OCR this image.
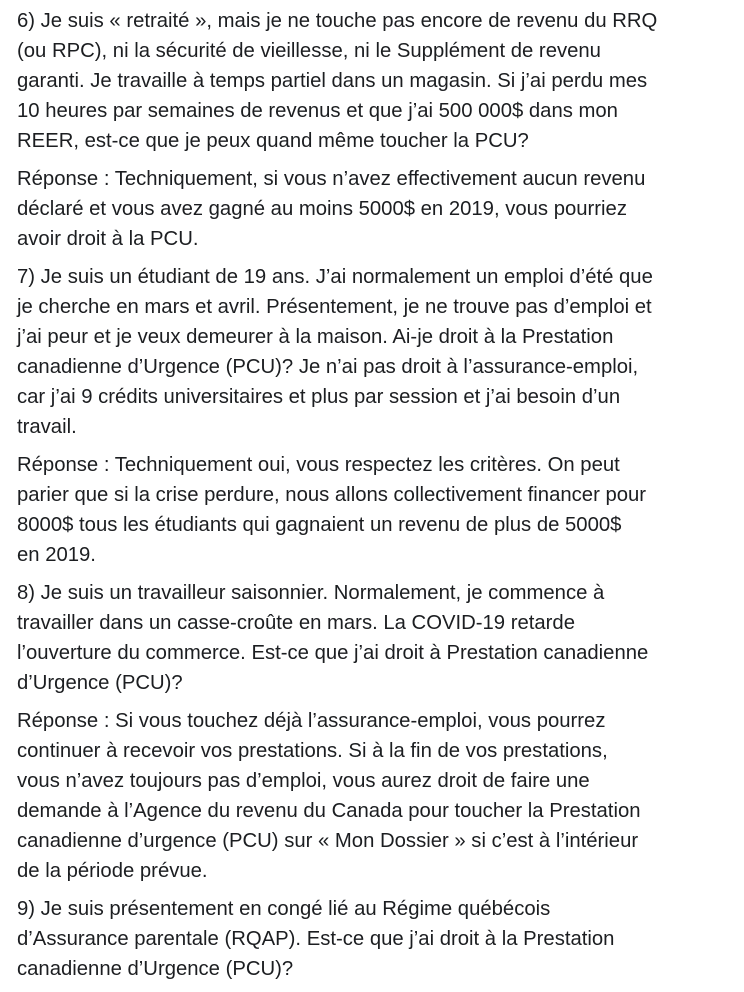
6) Je suis « retraité », mais je ne touche pas encore de revenu du RRQ
(ou RPC), ni la sécurité de vieillesse, ni le Supplément de revenu
garanti. Je travaille à temps partiel dans un magasin. Si j’ai perdu mes
10 heures par semaines de revenus et que j’ai 500 000$ dans mon
REER, est-ce que je peux quand même toucher la PCU?

Réponse : Techniquement, si vous n’avez effectivement aucun revenu
déclaré et vous avez gagné au moins 5000$ en 2019, vous pourriez
avoir droit à la PCU.

7) Je suis un étudiant de 19 ans. J’ai normalement un emploi d’été que
je cherche en mars et avril. Présentement, je ne trouve pas d’emploi et
j’ai peur et je veux demeurer à la maison. Ai-je droit à la Prestation
canadienne d’Urgence (PCU)? Je n’ai pas droit à l’assurance-emploi,
car j’ai 9 crédits universitaires et plus par session et j’ai besoin d’un
travail.

Réponse : Techniquement oui, vous respectez les critères. On peut
parier que si la crise perdure, nous allons collectivement financer pour
8000$ tous les étudiants qui gagnaient un revenu de plus de 5000$
en 2019.

8) Je suis un travailleur saisonnier. Normalement, je commence à
travailler dans un casse-croûte en mars. La COVID-19 retarde
l’ouverture du commerce. Est-ce que j’ai droit à Prestation canadienne
d’Urgence (PCU)?

Réponse : Si vous touchez déjà l’assurance-emploi, vous pourrez
continuer à recevoir vos prestations. Si à la fin de vos prestations,
vous n’avez toujours pas d’emploi, vous aurez droit de faire une
demande à l’Agence du revenu du Canada pour toucher la Prestation
canadienne d’urgence (PCU) sur « Mon Dossier » si c’est à l’intérieur
de la période prévue.

9) Je suis présentement en congé lié au Régime québécois
d’Assurance parentale (RQAP). Est-ce que j’ai droit à la Prestation
canadienne d’Urgence (PCU)?
